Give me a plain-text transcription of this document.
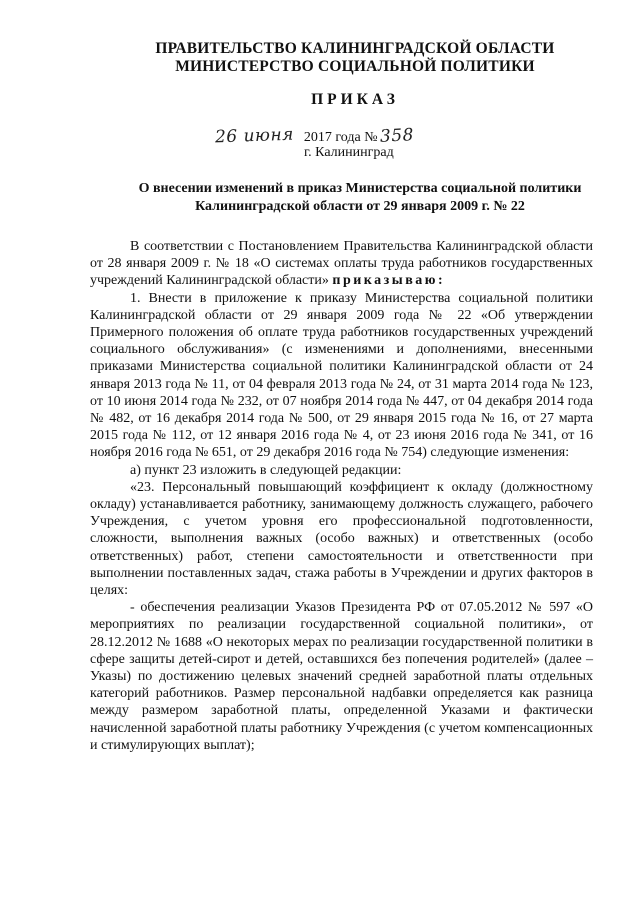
ПРАВИТЕЛЬСТВО КАЛИНИНГРАДСКОЙ ОБЛАСТИ
МИНИСТЕРСТВО СОЦИАЛЬНОЙ ПОЛИТИКИ
ПРИКАЗ
26 июня 2017 года №358
г. Калининград
О внесении изменений в приказ Министерства социальной политики Калининградской области от 29 января 2009 г. № 22

В соответствии с Постановлением Правительства Калининградской области от 28 января 2009 г. № 18 «О системах оплаты труда работников государственных учреждений Калининградской области» приказываю:

1. Внести в приложение к приказу Министерства социальной политики Калининградской области от 29 января 2009 года № 22 «Об утверждении Примерного положения об оплате труда работников государственных учреждений социального обслуживания» (с изменениями и дополнениями, внесенными приказами Министерства социальной политики Калининградской области от 24 января 2013 года № 11, от 04 февраля 2013 года № 24, от 31 марта 2014 года № 123, от 10 июня 2014 года № 232, от 07 ноября 2014 года № 447, от 04 декабря 2014 года № 482, от 16 декабря 2014 года № 500, от 29 января 2015 года № 16, от 27 марта 2015 года № 112, от 12 января 2016 года № 4, от 23 июня 2016 года № 341, от 16 ноября 2016 года № 651, от 29 декабря 2016 года № 754) следующие изменения:

а) пункт 23 изложить в следующей редакции:

«23. Персональный повышающий коэффициент к окладу (должностному окладу) устанавливается работнику, занимающему должность служащего, рабочего Учреждения, с учетом уровня его профессиональной подготовленности, сложности, выполнения важных (особо важных) и ответственных (особо ответственных) работ, степени самостоятельности и ответственности при выполнении поставленных задач, стажа работы в Учреждении и других факторов в целях:

- обеспечения реализации Указов Президента РФ от 07.05.2012 № 597 «О мероприятиях по реализации государственной социальной политики», от 28.12.2012 № 1688 «О некоторых мерах по реализации государственной политики в сфере защиты детей-сирот и детей, оставшихся без попечения родителей» (далее – Указы) по достижению целевых значений средней заработной платы отдельных категорий работников. Размер персональной надбавки определяется как разница между размером заработной платы, определенной Указами и фактически начисленной заработной платы работнику Учреждения (с учетом компенсационных и стимулирующих выплат);
